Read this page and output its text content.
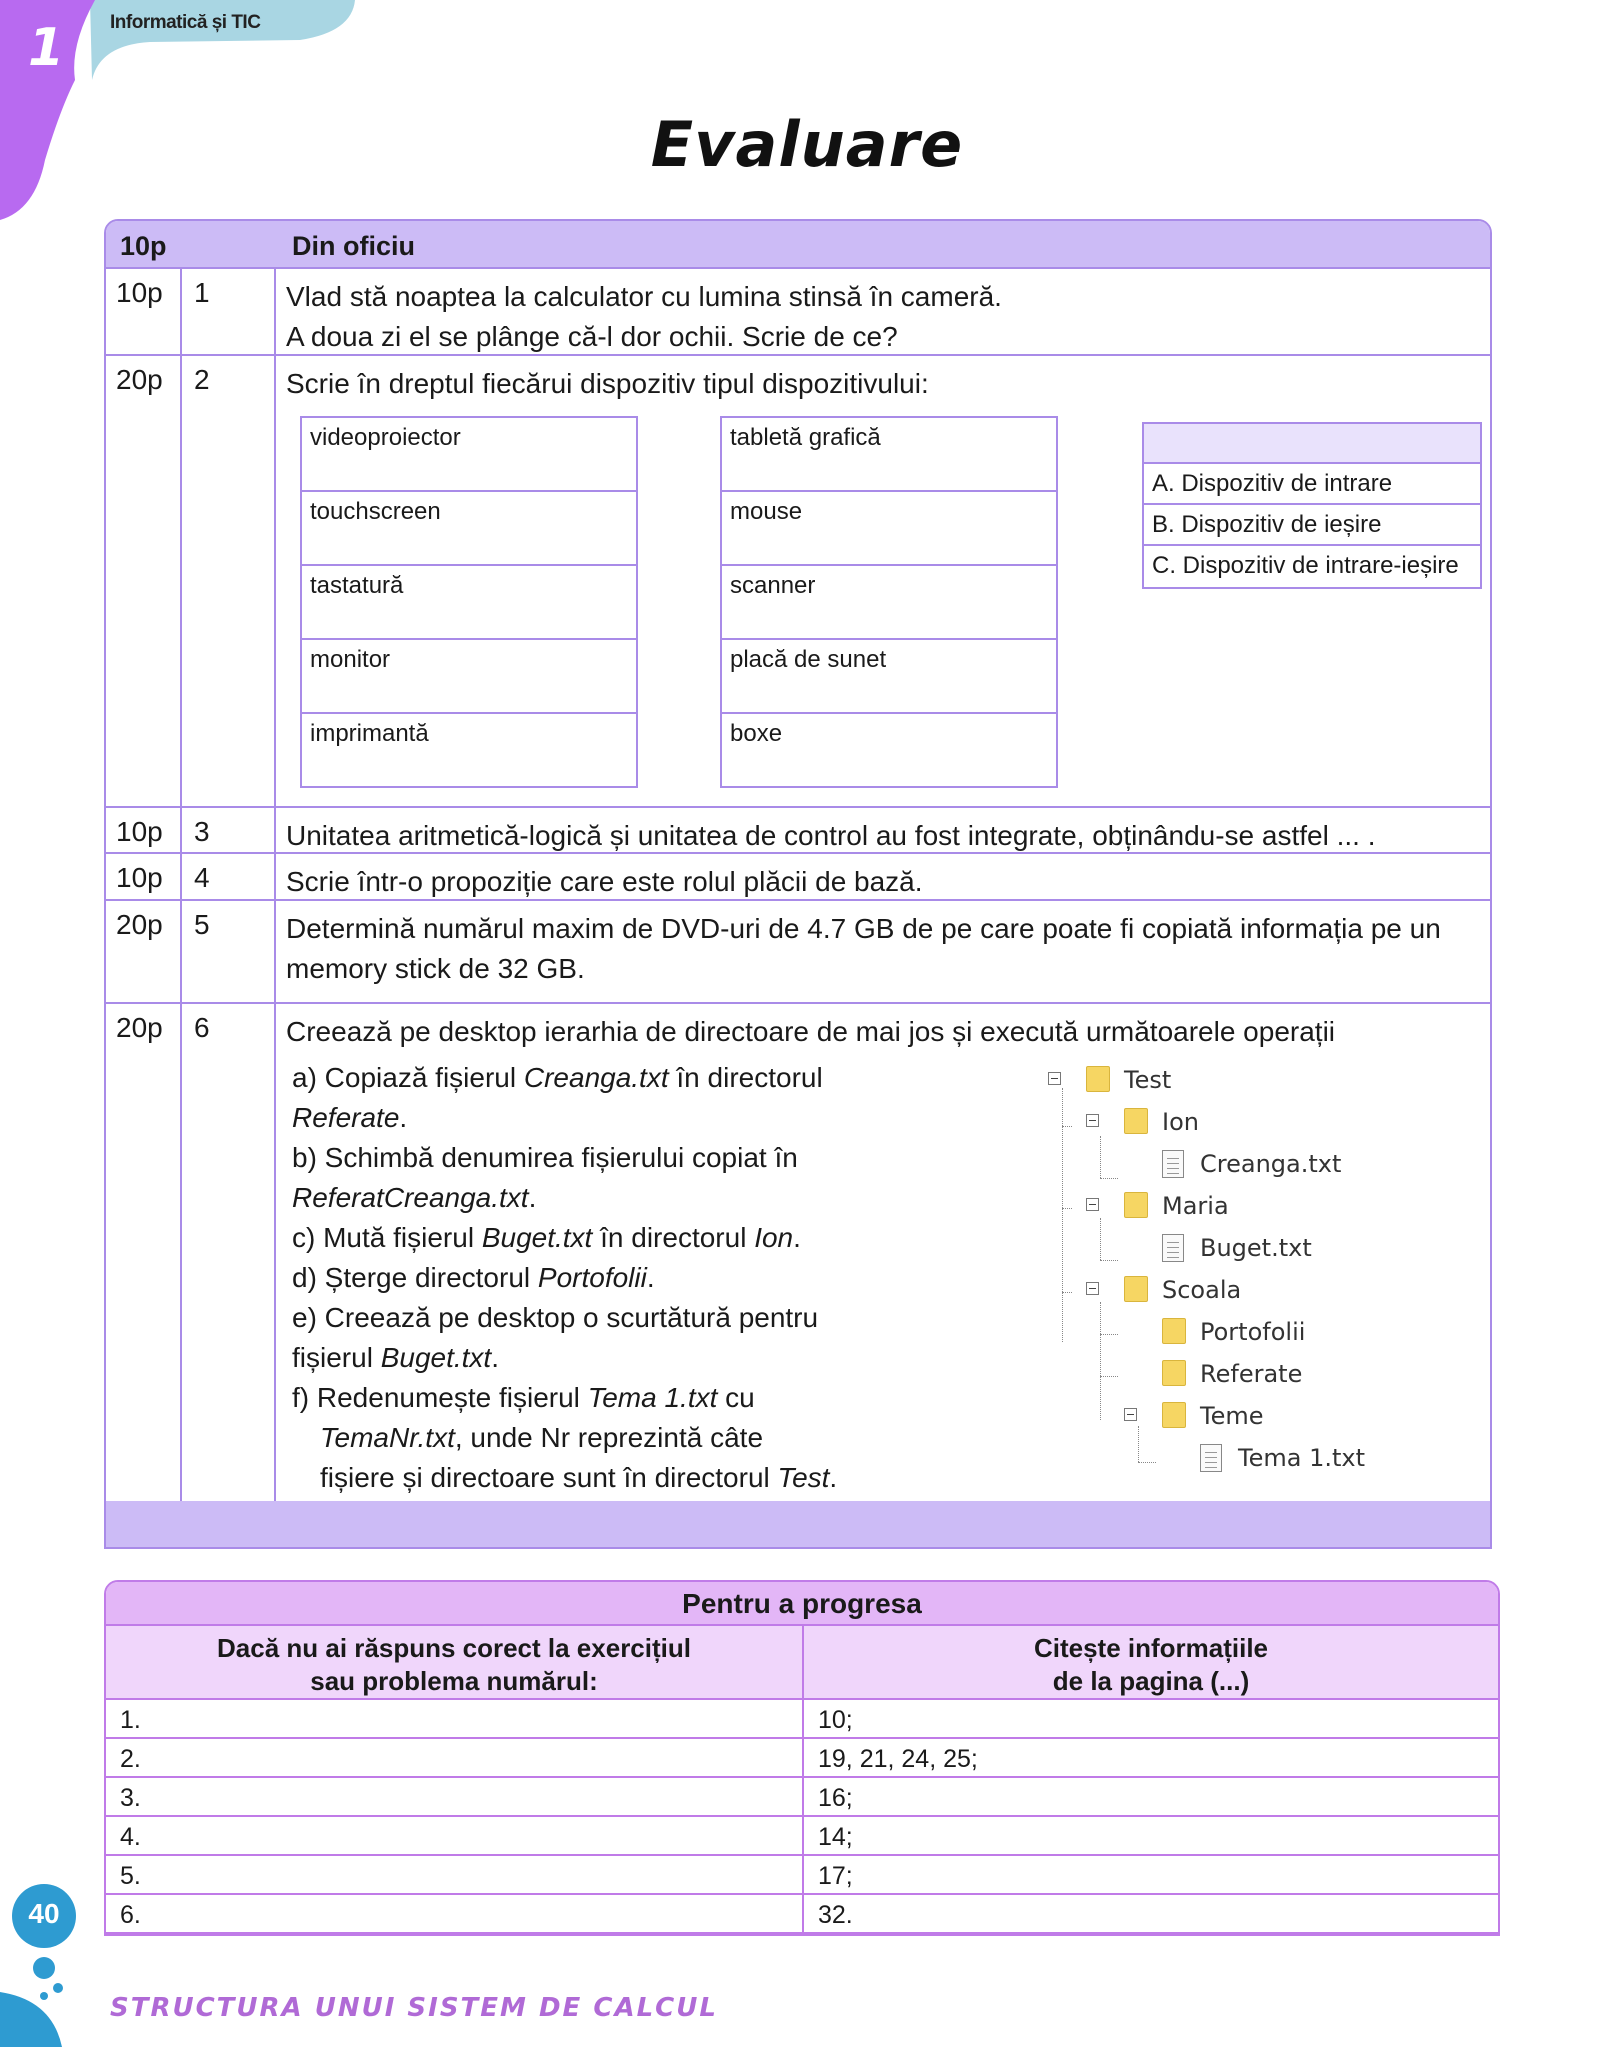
1 Informatică și TIC
Evaluare
10p	Din oficiu
10p 1	Vlad stă noaptea la calculator cu lumina stinsă în cameră.
A doua zi el se plânge că-l dor ochii. Scrie de ce?
20p 2	Scrie în dreptul fiecărui dispozitiv tipul dispozitivului:
10p 3	Unitatea aritmetică-logică și unitatea de control au fost integrate, obținându-se astfel ... .
10p 4	Scrie într-o propoziție care este rolul plăcii de bază.
20p 5	Determină numărul maxim de DVD-uri de 4.7 GB de pe care poate fi copiată informația pe un memory stick de 32 GB.
20p 6	Creează pe desktop ierarhia de directoare de mai jos și execută următoarele operații
videoproiector
touchscreen
tastatură
monitor
imprimantă
tabletă grafică
mouse
scanner
placă de sunet
boxe
A. Dispozitiv de intrare
B. Dispozitiv de ieșire
C. Dispozitiv de intrare-ieșire
a) Copiază fișierul Creanga.txt în directorul
Referate.
b) Schimbă denumirea fișierului copiat în
ReferatCreanga.txt.
c) Mută fișierul Buget.txt în directorul Ion.
d) Șterge directorul Portofolii.
e) Creează pe desktop o scurtătură pentru
fișierul Buget.txt.
f) Redenumește fișierul Tema 1.txt cu
TemaNr.txt, unde Nr reprezintă câte
fișiere și directoare sunt în directorul Test.
Test
Ion
Creanga.txt
Maria
Buget.txt
Scoala
Portofolii
Referate
Teme
Tema 1.txt
Pentru a progresa
Dacă nu ai răspuns corect la exercițiul
sau problema numărul:
Citește informațiile
de la pagina (...)
1.	10;
2.	19, 21, 24, 25;
3.	16;
4.	14;
5.	17;
6.	32.
40
STRUCTURA UNUI SISTEM DE CALCUL
